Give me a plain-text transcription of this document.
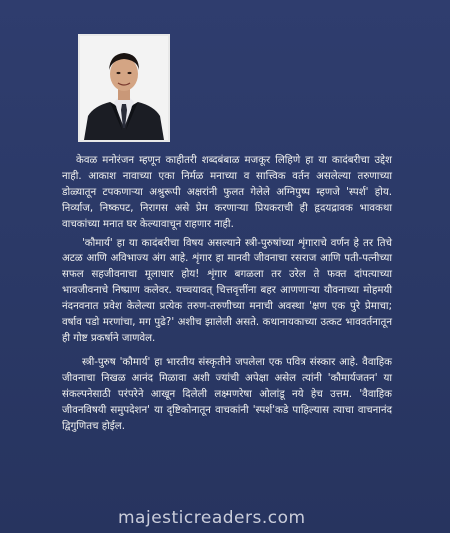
केवळ मनोरंजन म्हणून काहीतरी शब्दबंबाळ मजकूर लिहिणे हा या कादंबरीचा उद्देश नाही. आकाश नावाच्या एका निर्मळ मनाच्या व सात्त्विक वर्तन असलेल्या तरुणाच्या डोळ्यातून टपकणाऱ्या अश्रुरूपी अक्षरांनी फुलत गेलेले अग्निपुष्प म्हणजे 'स्पर्श' होय. निर्व्याज, निष्कपट, निरागस असे प्रेम करणाऱ्या प्रियकराची ही हृदयद्रावक भावकथा वाचकांच्या मनात घर केल्यावाचून राहणार नाही.

'कौमार्य' हा या कादंबरीचा विषय असल्याने स्त्री-पुरुषांच्या शृंगाराचे वर्णन हे तर तिचे अटळ आणि अविभाज्य अंग आहे. शृंगार हा मानवी जीवनाचा रसराज आणि पती-पत्नीच्या सफल सहजीवनाचा मूलाधार होय! शृंगार बगळला तर उरेल ते फक्त दांपत्याच्या भावजीवनाचे निष्प्राण कलेवर. यच्चयावत् चित्तवृत्तींना बहर आणणाऱ्या यौवनाच्या मोहमयी नंदनवनात प्रवेश केलेल्या प्रत्येक तरुण-तरुणीच्या मनाची अवस्था 'क्षण एक पुरे प्रेमाचा; वर्षाव पडो मरणांचा, मग पुढे?' अशीच झालेली असते. कथानायकाच्या उत्कट भाववर्तनातून ही गोष्ट प्रकर्षाने जाणवेल.

स्त्री-पुरुष 'कौमार्य' हा भारतीय संस्कृतीने जपलेला एक पवित्र संस्कार आहे. वैवाहिक जीवनाचा निखळ आनंद मिळावा अशी ज्यांची अपेक्षा असेल त्यांनी 'कौमार्यजतन' या संकल्पनेसाठी परंपरेने आखून दिलेली लक्ष्मणरेषा ओलांडू नये हेच उत्तम. 'वैवाहिक जीवनविषयी समुपदेशन' या दृष्टिकोनातून वाचकांनी 'स्पर्श'कडे पाहिल्यास त्याचा वाचनानंद द्विगुणितच होईल.

majesticreaders.com
